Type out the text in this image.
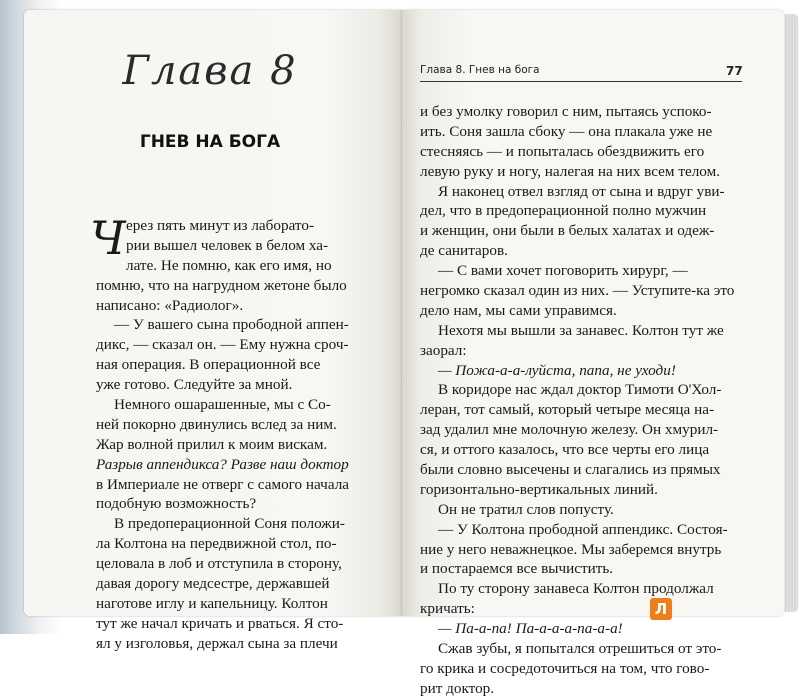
Глава 8
ГНЕВ НА БОГА
Ч ерез пять минут из лаборато-
рии вышел человек в белом ха-
лате. Не помню, как его имя, но
помню, что на нагрудном жетоне было
написано: «Радиолог».
— У вашего сына прободной аппен-
дикс, — сказал он. — Ему нужна сроч-
ная операция. В операционной все
уже готово. Следуйте за мной.
Немного ошарашенные, мы с Со-
ней покорно двинулись вслед за ним.
Жар волной прилил к моим вискам.
Разрыв аппендикса? Разве наш доктор
в Империале не отверг с самого начала
подобную возможность?
В предоперационной Соня положи-
ла Колтона на передвижной стол, по-
целовала в лоб и отступила в сторону,
давая дорогу медсестре, державшей
наготове иглу и капельницу. Колтон
тут же начал кричать и рваться. Я сто-
ял у изголовья, держал сына за плечи
Глава 8. Гнев на бога	77
и без умолку говорил с ним, пытаясь успоко-
ить. Соня зашла сбоку — она плакала уже не
стесняясь — и попыталась обездвижить его
левую руку и ногу, налегая на них всем телом.
Я наконец отвел взгляд от сына и вдруг уви-
дел, что в предоперационной полно мужчин
и женщин, они были в белых халатах и одеж-
де санитаров.
— С вами хочет поговорить хирург, —
негромко сказал один из них. — Уступите-ка это
дело нам, мы сами управимся.
Нехотя мы вышли за занавес. Колтон тут же
заорал:
— Пожа-а-а-луйста, папа, не уходи!
В коридоре нас ждал доктор Тимоти О'Хол-
леран, тот самый, который четыре месяца на-
зад удалил мне молочную железу. Он хмурил-
ся, и оттого казалось, что все черты его лица
были словно высечены и слагались из прямых
горизонтально-вертикальных линий.
Он не тратил слов попусту.
— У Колтона прободной аппендикс. Состоя-
ние у него неважнецкое. Мы заберемся внутрь
и постараемся все вычистить.
По ту сторону занавеса Колтон продолжал
кричать:
— Па-а-па! Па-а-а-а-па-а-а!
Сжав зубы, я попытался отрешиться от это-
го крика и сосредоточиться на том, что гово-
рит доктор.
Л
